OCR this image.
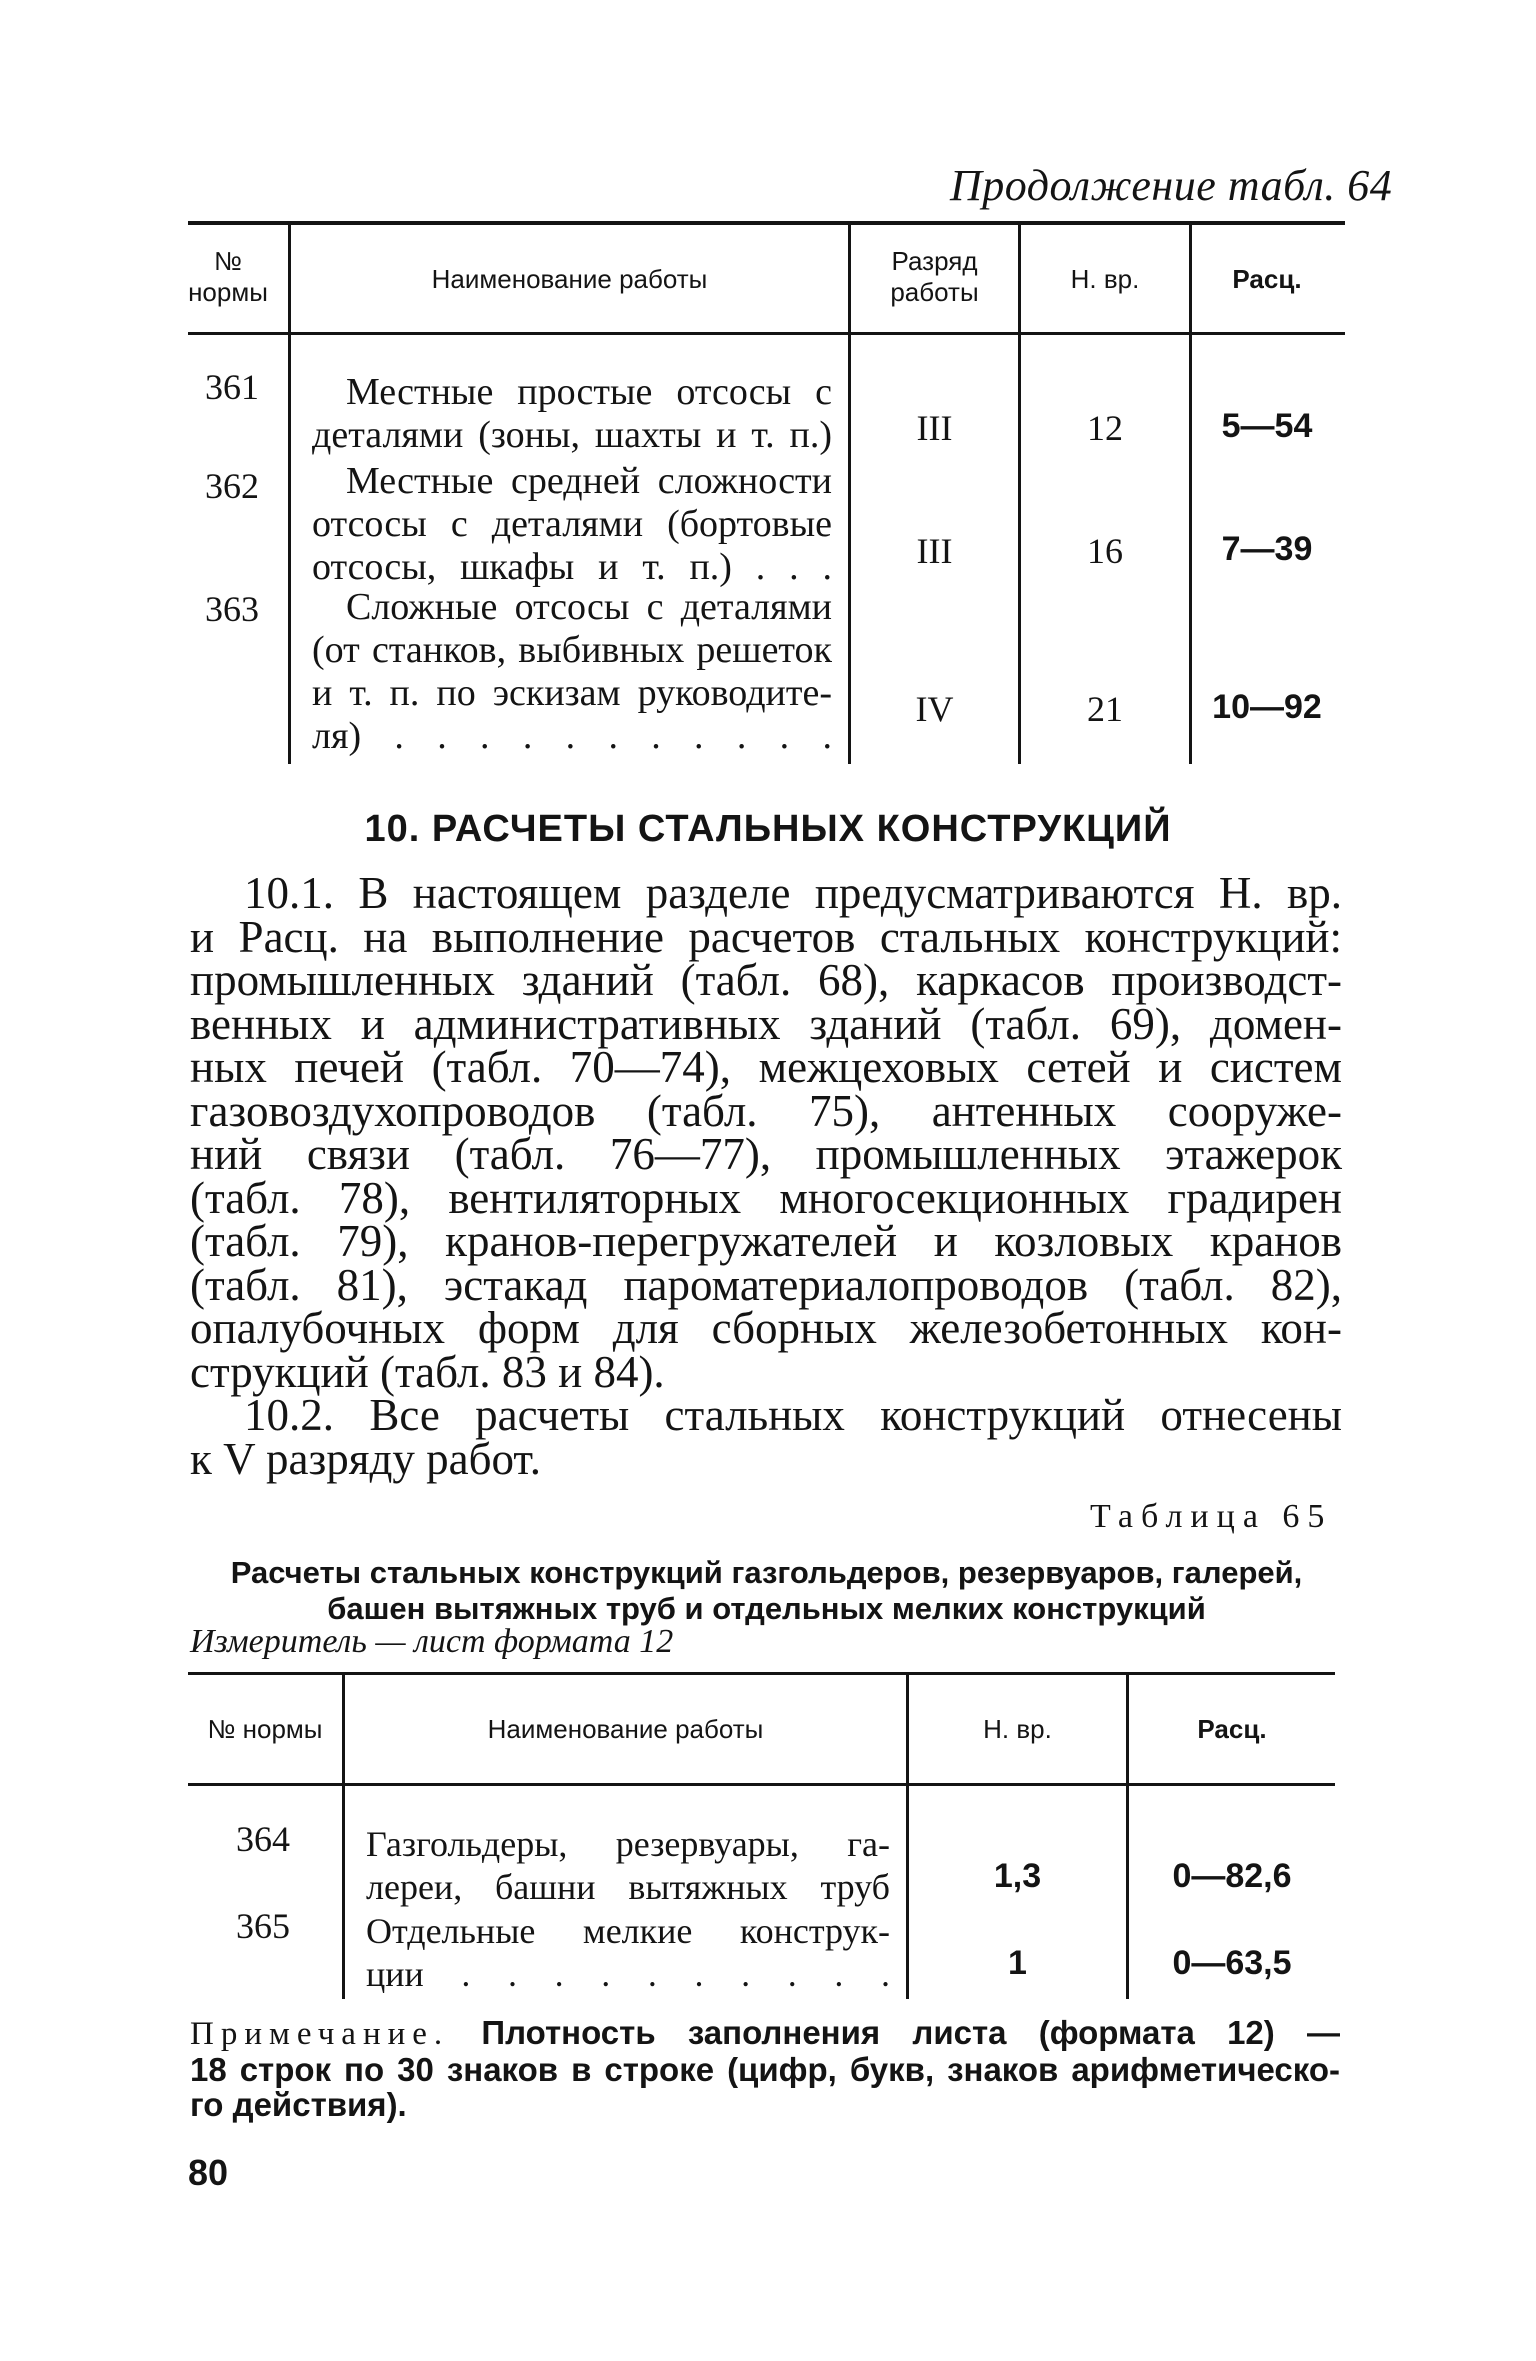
Продолжение табл. 64
№
нормы	Наименование работы
Разряд
работы	Н. вр.	Расц.
361	Местные простые отсосы с
деталями (зоны, шахты и т. п.)	III	12	5—54
362	Местные средней сложности
отсосы с деталями (бортовые
отсосы, шкафы и т. п.) . . .	III	16	7—39
363	Сложные отсосы с деталями
(от станков, выбивных решеток
и т. п. по эскизам руководите-
ля) . . . . . . . . . . .
IV	21	10—92
10. РАСЧЕТЫ СТАЛЬНЫХ КОНСТРУКЦИЙ
10.1. В настоящем разделе предусматриваются Н. вр.
и Расц. на выполнение расчетов стальных конструкций:
промышленных зданий (табл. 68), каркасов производст-
венных и административных зданий (табл. 69), домен-
ных печей (табл. 70—74), межцеховых сетей и систем
газовоздухопроводов (табл. 75), антенных сооруже-
ний связи (табл. 76—77), промышленных этажерок
(табл. 78), вентиляторных многосекционных градирен
(табл. 79), кранов-перегружателей и козловых кранов
(табл. 81), эстакад пароматериалопроводов (табл. 82),
опалубочных форм для сборных железобетонных кон-
струкций (табл. 83 и 84).
10.2. Все расчеты стальных конструкций отнесены
к V разряду работ.
Таблица 65
Расчеты стальных конструкций газгольдеров, резервуаров, галерей,
башен вытяжных труб и отдельных мелких конструкций
Измеритель — лист формата 12
№ нормы	Наименование работы	Н. вр.	Расц.
364 Газгольдеры, резервуары, га-
лереи, башни вытяжных труб	1,3	0—82,6
365 Отдельные мелкие конструк-
ции . . . . . . . . . .	1	0—63,5
Примечание. Плотность заполнения листа (формата 12) —
18 строк по 30 знаков в строке (цифр, букв, знаков арифметическо-
го действия).
80
